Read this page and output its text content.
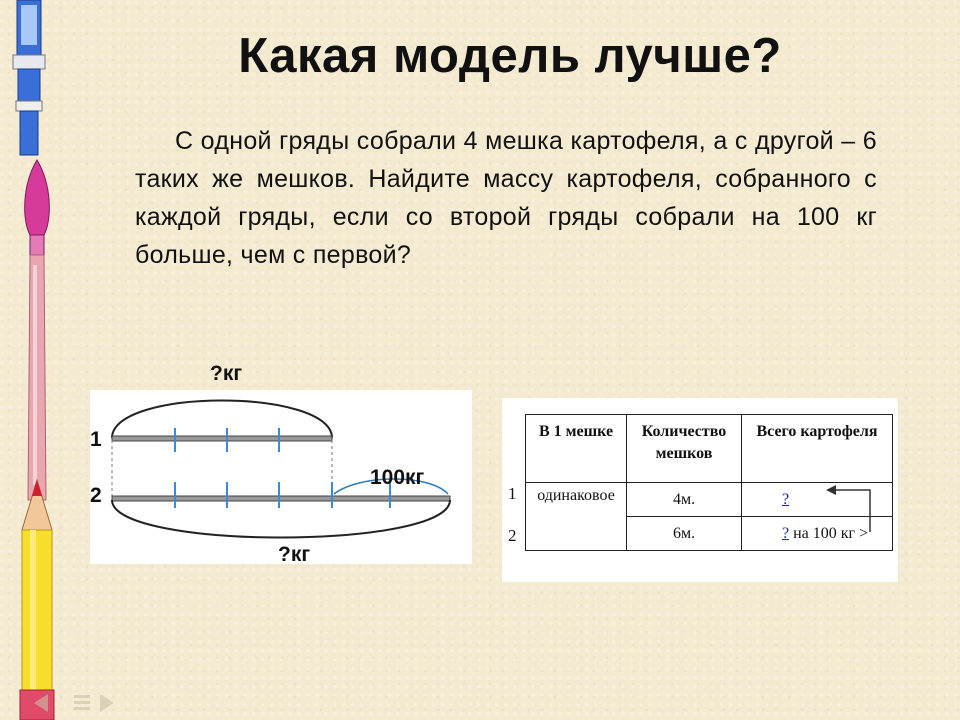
Какая модель лучше?
С одной гряды собрали 4 мешка картофеля, а с другой – 6 таких же мешков. Найдите массу картофеля, собранного с каждой гряды, если со второй гряды собрали на 100 кг больше, чем с первой?
?кг
1
2
100кг
?кг
В 1 мешке	Количество мешков	Всего картофеля
одинаковое	4м.	?
	6м.	? на 100 кг >
1
2
